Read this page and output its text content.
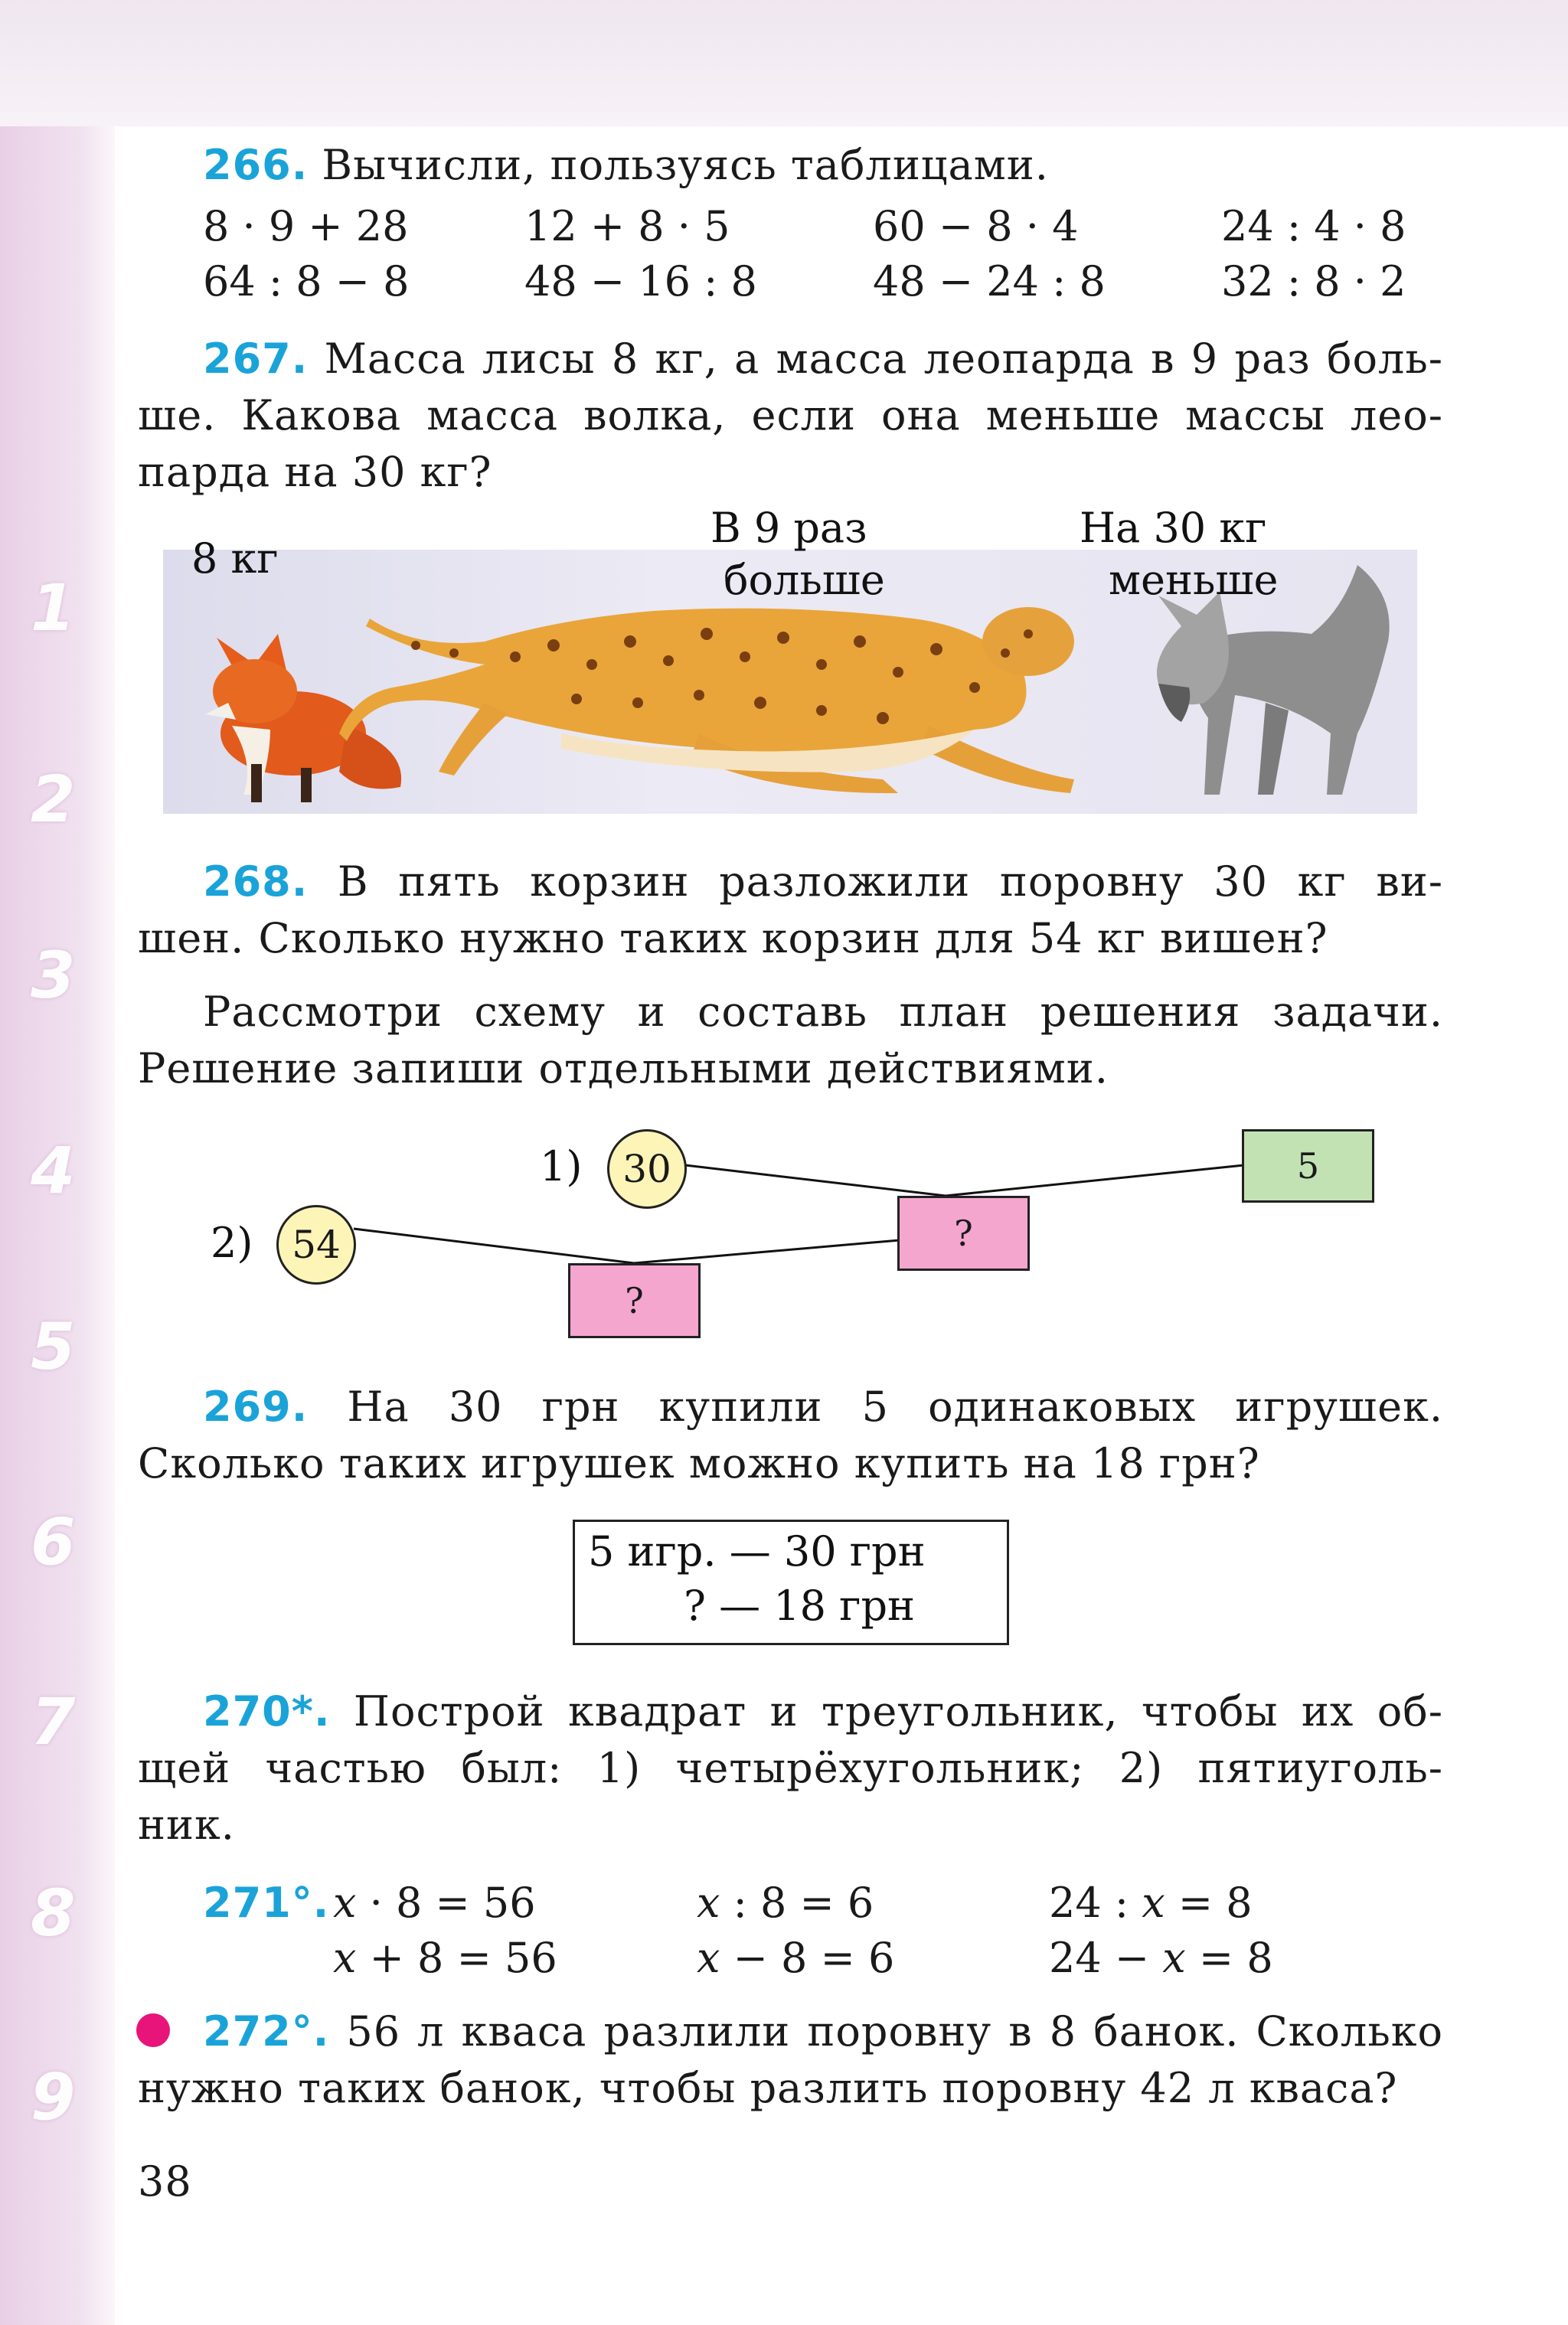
1
2
3
4
5
6
7
8
9
266. Вычисли, пользуясь таблицами.
8 · 9 + 28	12 + 8 · 5	60 − 8 · 4	24 : 4 · 8
64 : 8 − 8	48 − 16 : 8	48 − 24 : 8	32 : 8 · 2
267. Масса лисы 8 кг, а масса леопарда в 9 раз боль-
ше. Какова масса волка, если она меньше массы лео-
парда на 30 кг?
8 кг
В 9 раз
больше
На 30 кг
меньше
268. В пять корзин разложили поровну 30 кг ви-
шен. Сколько нужно таких корзин для 54 кг вишен?
Рассмотри схему и составь план решения задачи.
Решение запиши отдельными действиями.
1)	30
2)	54
5
?
?
269. На 30 грн купили 5 одинаковых игрушек.
Сколько таких игрушек можно купить на 18 грн?
5 игр. — 30 грн
? — 18 грн
270*. Построй квадрат и треугольник, чтобы их об-
щей частью был: 1) четырёхугольник; 2) пятиуголь-
ник.
271°. x · 8 = 56	x : 8 = 6	24 : x = 8
x + 8 = 56	x − 8 = 6	24 − x = 8
272°. 56 л кваса разлили поровну в 8 банок. Сколько
нужно таких банок, чтобы разлить поровну 42 л кваса?
38
